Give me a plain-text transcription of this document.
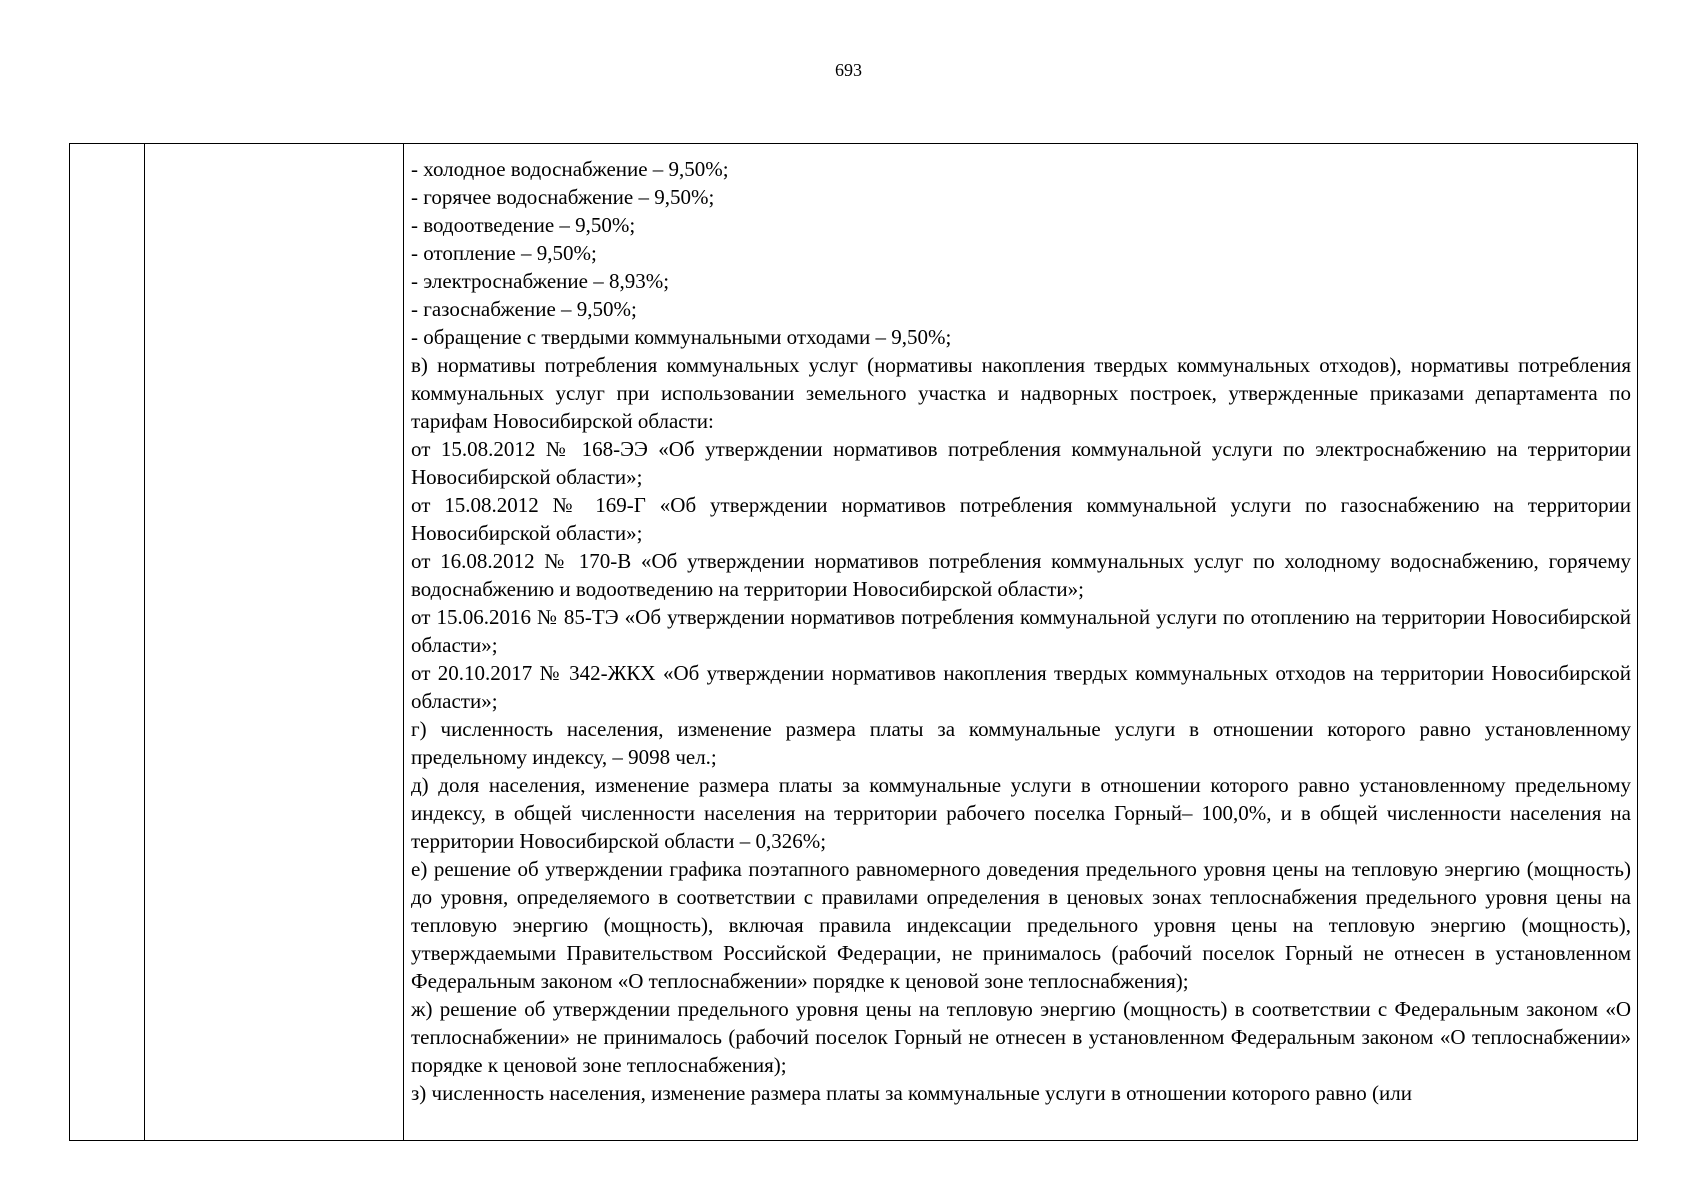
693

- холодное водоснабжение – 9,50%;
- горячее водоснабжение – 9,50%;
- водоотведение – 9,50%;
- отопление – 9,50%;
- электроснабжение – 8,93%;
- газоснабжение – 9,50%;
- обращение с твердыми коммунальными отходами – 9,50%;

в) нормативы потребления коммунальных услуг (нормативы накопления твердых коммунальных отходов), нормативы потребления коммунальных услуг при использовании земельного участка и надворных построек, утвержденные приказами департамента по тарифам Новосибирской области:

от 15.08.2012 № 168-ЭЭ «Об утверждении нормативов потребления коммунальной услуги по электроснабжению на территории Новосибирской области»;

от 15.08.2012 № 169-Г «Об утверждении нормативов потребления коммунальной услуги по газоснабжению на территории Новосибирской области»;

от 16.08.2012 № 170-В «Об утверждении нормативов потребления коммунальных услуг по холодному водоснабжению, горячему водоснабжению и водоотведению на территории Новосибирской области»;

от 15.06.2016 № 85-ТЭ «Об утверждении нормативов потребления коммунальной услуги по отоплению на территории Новосибирской области»;

от 20.10.2017 № 342-ЖКХ «Об утверждении нормативов накопления твердых коммунальных отходов на территории Новосибирской области»;

г) численность населения, изменение размера платы за коммунальные услуги в отношении которого равно установленному предельному индексу, – 9098 чел.;

д) доля населения, изменение размера платы за коммунальные услуги в отношении которого равно установленному предельному индексу, в общей численности населения на территории рабочего поселка Горный– 100,0%, и в общей численности населения на территории Новосибирской области – 0,326%;

е) решение об утверждении графика поэтапного равномерного доведения предельного уровня цены на тепловую энергию (мощность) до уровня, определяемого в соответствии с правилами определения в ценовых зонах теплоснабжения предельного уровня цены на тепловую энергию (мощность), включая правила индексации предельного уровня цены на тепловую энергию (мощность), утверждаемыми Правительством Российской Федерации, не принималось (рабочий поселок Горный не отнесен в установленном Федеральным законом «О теплоснабжении» порядке к ценовой зоне теплоснабжения);

ж) решение об утверждении предельного уровня цены на тепловую энергию (мощность) в соответствии с Федеральным законом «О теплоснабжении» не принималось (рабочий поселок Горный не отнесен в установленном Федеральным законом «О теплоснабжении» порядке к ценовой зоне теплоснабжения);

з) численность населения, изменение размера платы за коммунальные услуги в отношении которого равно (или
